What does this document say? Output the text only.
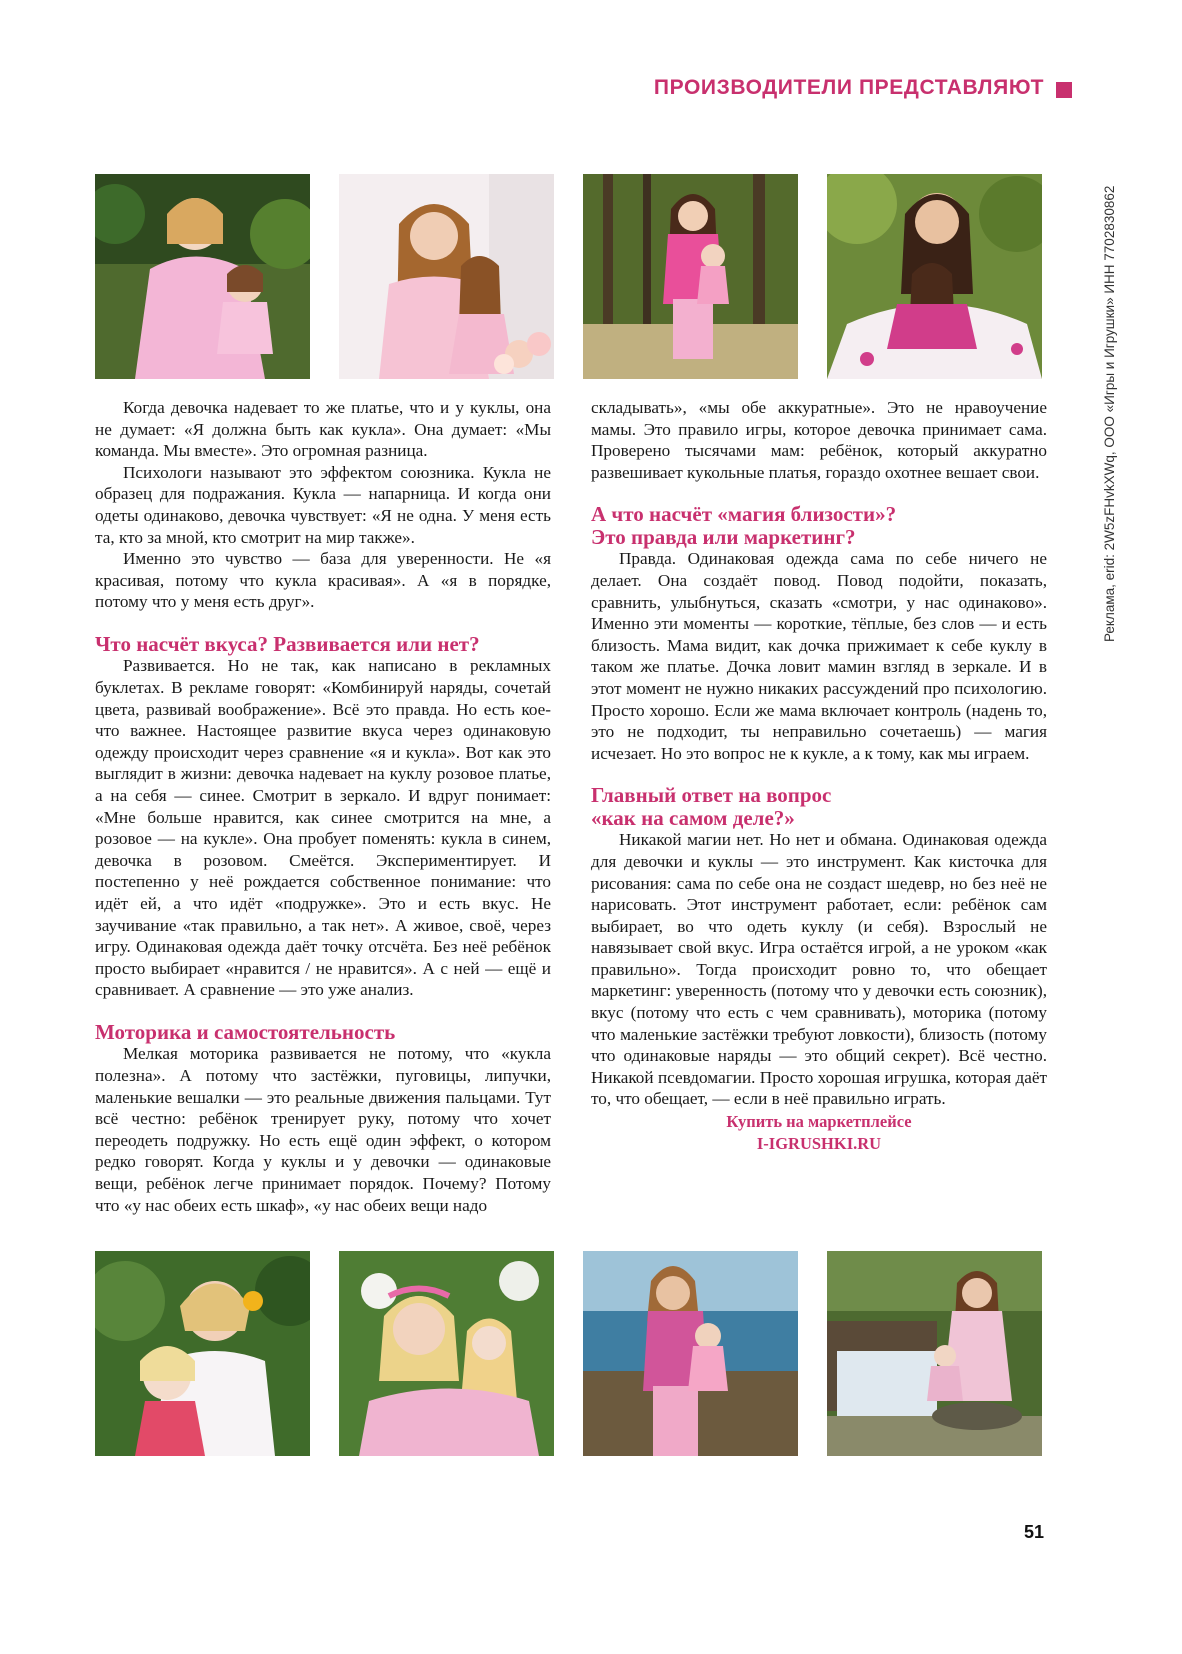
ПРОИЗВОДИТЕЛИ ПРЕДСТАВЛЯЮТ
Реклама, erid: 2W5zFHvkXWq, ООО «Игры и Игрушки» ИНН 7702830862

Когда девочка надевает то же платье, что и у куклы, она не думает: «Я должна быть как кукла». Она думает: «Мы команда. Мы вместе». Это огромная разница.

Психологи называют это эффектом союзника. Кукла не образец для подражания. Кукла — напарница. И когда они одеты одинаково, девочка чувствует: «Я не одна. У меня есть та, кто за мной, кто смотрит на мир также».

Именно это чувство — база для уверенности. Не «я красивая, потому что кукла красивая». А «я в порядке, потому что у меня есть друг».

Что насчёт вкуса? Развивается или нет?

Развивается. Но не так, как написано в рекламных буклетах. В рекламе говорят: «Комбинируй наряды, сочетай цвета, развивай воображение». Всё это правда. Но есть кое-что важнее. Настоящее развитие вкуса через одинаковую одежду происходит через сравнение «я и кукла». Вот как это выглядит в жизни: девочка надевает на куклу розовое платье, а на себя — синее. Смотрит в зеркало. И вдруг понимает: «Мне больше нравится, как синее смотрится на мне, а розовое — на кукле». Она пробует поменять: кукла в синем, девочка в розовом. Смеётся. Экспериментирует. И постепенно у неё рождается собственное понимание: что идёт ей, а что идёт «подружке». Это и есть вкус. Не заучивание «так правильно, а так нет». А живое, своё, через игру. Одинаковая одежда даёт точку отсчёта. Без неё ребёнок просто выбирает «нравится / не нравится». А с ней — ещё и сравнивает. А сравнение — это уже анализ.

Моторика и самостоятельность

Мелкая моторика развивается не потому, что «кукла полезна». А потому что застёжки, пуговицы, липучки, маленькие вешалки — это реальные движения пальцами. Тут всё честно: ребёнок тренирует руку, потому что хочет переодеть подружку. Но есть ещё один эффект, о котором редко говорят. Когда у куклы и у девочки — одинаковые вещи, ребёнок легче принимает порядок. Почему? Потому что «у нас обеих есть шкаф», «у нас обеих вещи надо

складывать», «мы обе аккуратные». Это не нравоучение мамы. Это правило игры, которое девочка принимает сама. Проверено тысячами мам: ребёнок, который аккуратно развешивает кукольные платья, гораздо охотнее вешает свои.

А что насчёт «магия близости»?
Это правда или маркетинг?

Правда. Одинаковая одежда сама по себе ничего не делает. Она создаёт повод. Повод подойти, показать, сравнить, улыбнуться, сказать «смотри, у нас одинаково». Именно эти моменты — короткие, тёплые, без слов — и есть близость. Мама видит, как дочка прижимает к себе куклу в таком же платье. Дочка ловит мамин взгляд в зеркале. И в этот момент не нужно никаких рассуждений про психологию. Просто хорошо. Если же мама включает контроль (надень то, это не подходит, ты неправильно сочетаешь) — магия исчезает. Но это вопрос не к кукле, а к тому, как мы играем.

Главный ответ на вопрос
«как на самом деле?»

Никакой магии нет. Но нет и обмана. Одинаковая одежда для девочки и куклы — это инструмент. Как кисточка для рисования: сама по себе она не создаст шедевр, но без неё не нарисовать. Этот инструмент работает, если: ребёнок сам выбирает, во что одеть куклу (и себя). Взрослый не навязывает свой вкус. Игра остаётся игрой, а не уроком «как правильно». Тогда происходит ровно то, что обещает маркетинг: уверенность (потому что у девочки есть союзник), вкус (потому что есть с чем сравнивать), моторика (потому что маленькие застёжки требуют ловкости), близость (потому что одинаковые наряды — это общий секрет). Всё честно. Никакой псевдомагии. Просто хорошая игрушка, которая даёт то, что обещает, — если в неё правильно играть.

Купить на маркетплейсе
I-IGRUSHKI.RU
51
